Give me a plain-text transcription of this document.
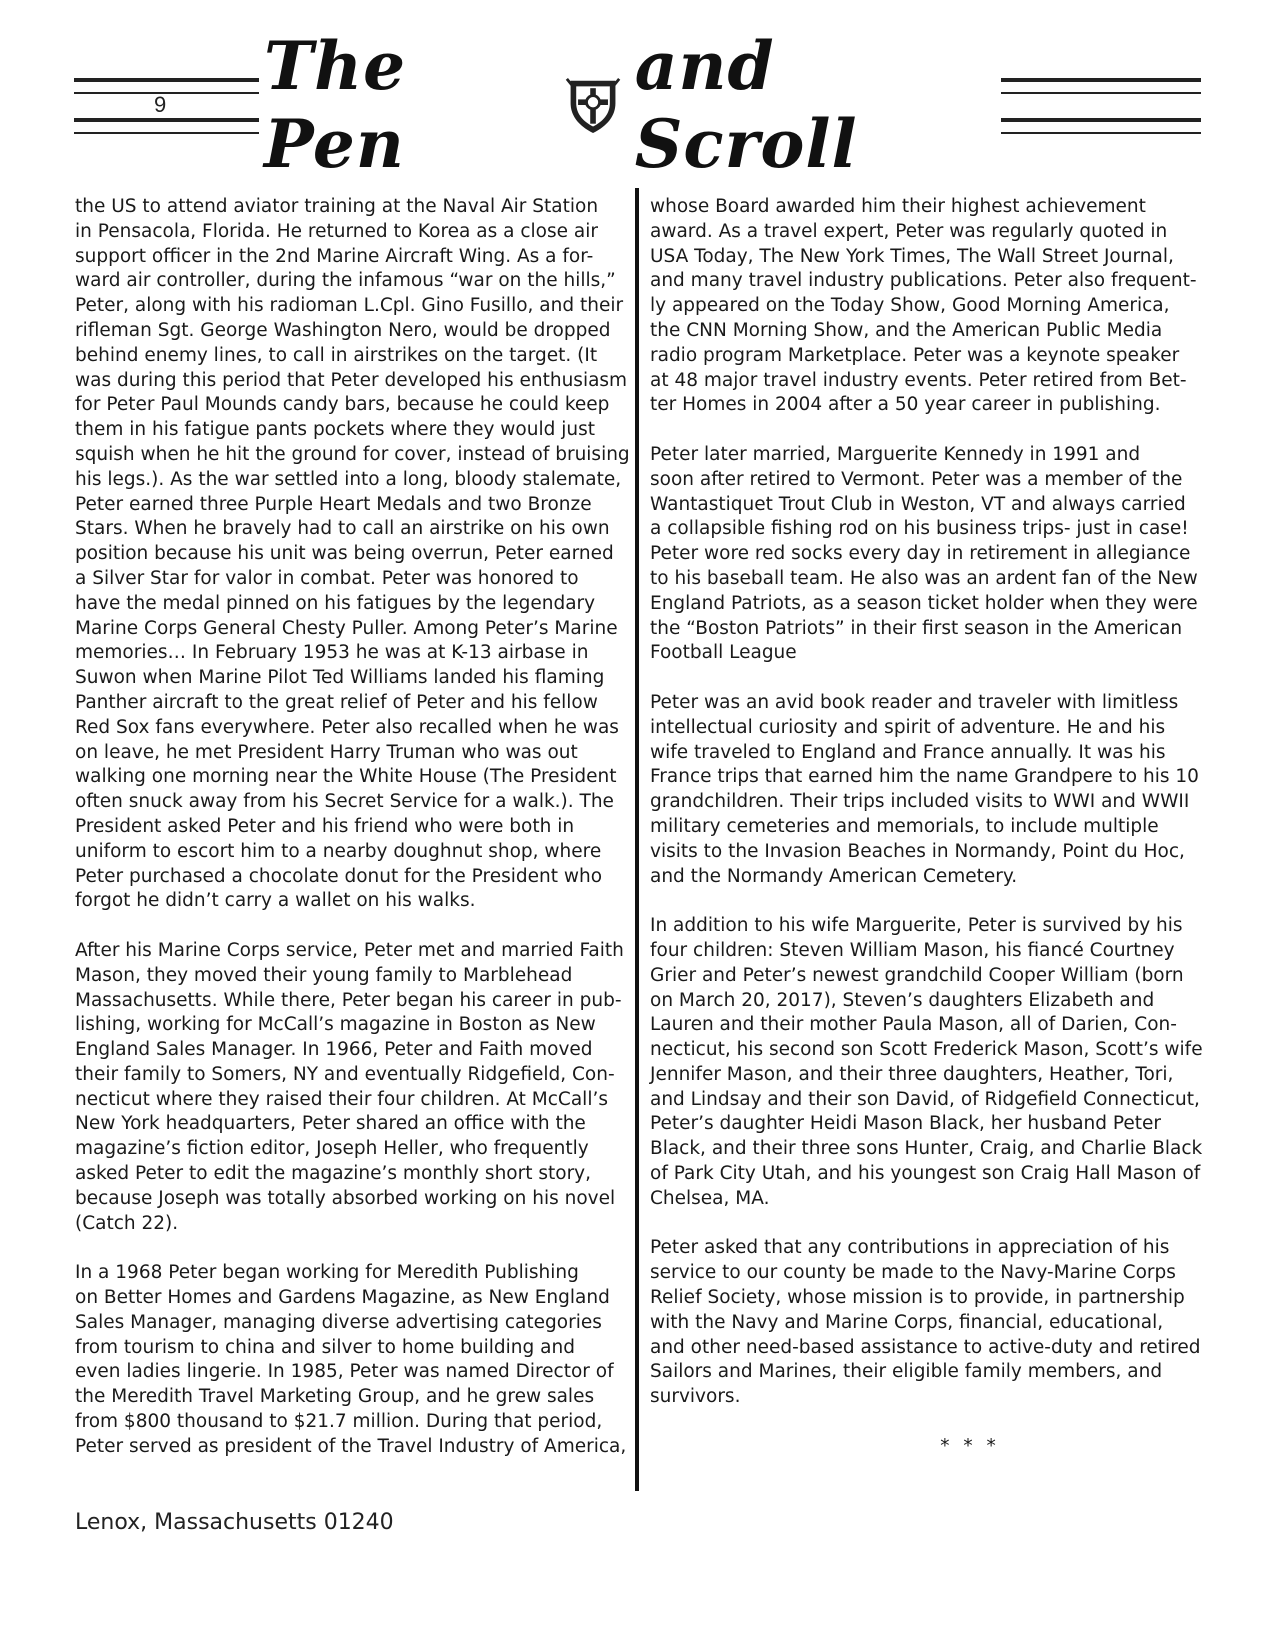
9 The Pen
and Scroll

the US to attend aviator training at the Naval Air Station
in Pensacola, Florida. He returned to Korea as a close air
support officer in the 2nd Marine Aircraft Wing. As a for-
ward air controller, during the infamous “war on the hills,”
Peter, along with his radioman L.Cpl. Gino Fusillo, and their
rifleman Sgt. George Washington Nero, would be dropped
behind enemy lines, to call in airstrikes on the target. (It
was during this period that Peter developed his enthusiasm
for Peter Paul Mounds candy bars, because he could keep
them in his fatigue pants pockets where they would just
squish when he hit the ground for cover, instead of bruising
his legs.). As the war settled into a long, bloody stalemate,
Peter earned three Purple Heart Medals and two Bronze
Stars. When he bravely had to call an airstrike on his own
position because his unit was being overrun, Peter earned
a Silver Star for valor in combat. Peter was honored to
have the medal pinned on his fatigues by the legendary
Marine Corps General Chesty Puller. Among Peter’s Marine
memories… In February 1953 he was at K-13 airbase in
Suwon when Marine Pilot Ted Williams landed his flaming
Panther aircraft to the great relief of Peter and his fellow
Red Sox fans everywhere. Peter also recalled when he was
on leave, he met President Harry Truman who was out
walking one morning near the White House (The President
often snuck away from his Secret Service for a walk.). The
President asked Peter and his friend who were both in
uniform to escort him to a nearby doughnut shop, where
Peter purchased a chocolate donut for the President who
forgot he didn’t carry a wallet on his walks.

After his Marine Corps service, Peter met and married Faith
Mason, they moved their young family to Marblehead
Massachusetts. While there, Peter began his career in pub-
lishing, working for McCall’s magazine in Boston as New
England Sales Manager. In 1966, Peter and Faith moved
their family to Somers, NY and eventually Ridgefield, Con-
necticut where they raised their four children. At McCall’s
New York headquarters, Peter shared an office with the
magazine’s fiction editor, Joseph Heller, who frequently
asked Peter to edit the magazine’s monthly short story,
because Joseph was totally absorbed working on his novel
(Catch 22).

In a 1968 Peter began working for Meredith Publishing
on Better Homes and Gardens Magazine, as New England
Sales Manager, managing diverse advertising categories
from tourism to china and silver to home building and
even ladies lingerie. In 1985, Peter was named Director of
the Meredith Travel Marketing Group, and he grew sales
from $800 thousand to $21.7 million. During that period,
Peter served as president of the Travel Industry of America,

whose Board awarded him their highest achievement
award. As a travel expert, Peter was regularly quoted in
USA Today, The New York Times, The Wall Street Journal,
and many travel industry publications. Peter also frequent-
ly appeared on the Today Show, Good Morning America,
the CNN Morning Show, and the American Public Media
radio program Marketplace. Peter was a keynote speaker
at 48 major travel industry events. Peter retired from Bet-
ter Homes in 2004 after a 50 year career in publishing.

Peter later married, Marguerite Kennedy in 1991 and
soon after retired to Vermont. Peter was a member of the
Wantastiquet Trout Club in Weston, VT and always carried
a collapsible fishing rod on his business trips- just in case!
Peter wore red socks every day in retirement in allegiance
to his baseball team. He also was an ardent fan of the New
England Patriots, as a season ticket holder when they were
the “Boston Patriots” in their first season in the American
Football League

Peter was an avid book reader and traveler with limitless
intellectual curiosity and spirit of adventure. He and his
wife traveled to England and France annually. It was his
France trips that earned him the name Grandpere to his 10
grandchildren. Their trips included visits to WWI and WWII
military cemeteries and memorials, to include multiple
visits to the Invasion Beaches in Normandy, Point du Hoc,
and the Normandy American Cemetery.

In addition to his wife Marguerite, Peter is survived by his
four children: Steven William Mason, his fiancé Courtney
Grier and Peter’s newest grandchild Cooper William (born
on March 20, 2017), Steven’s daughters Elizabeth and
Lauren and their mother Paula Mason, all of Darien, Con-
necticut, his second son Scott Frederick Mason, Scott’s wife
Jennifer Mason, and their three daughters, Heather, Tori,
and Lindsay and their son David, of Ridgefield Connecticut,
Peter’s daughter Heidi Mason Black, her husband Peter
Black, and their three sons Hunter, Craig, and Charlie Black
of Park City Utah, and his youngest son Craig Hall Mason of
Chelsea, MA.

Peter asked that any contributions in appreciation of his
service to our county be made to the Navy-Marine Corps
Relief Society, whose mission is to provide, in partnership
with the Navy and Marine Corps, financial, educational,
and other need-based assistance to active-duty and retired
Sailors and Marines, their eligible family members, and
survivors.

* * *

Lenox, Massachusetts 01240
